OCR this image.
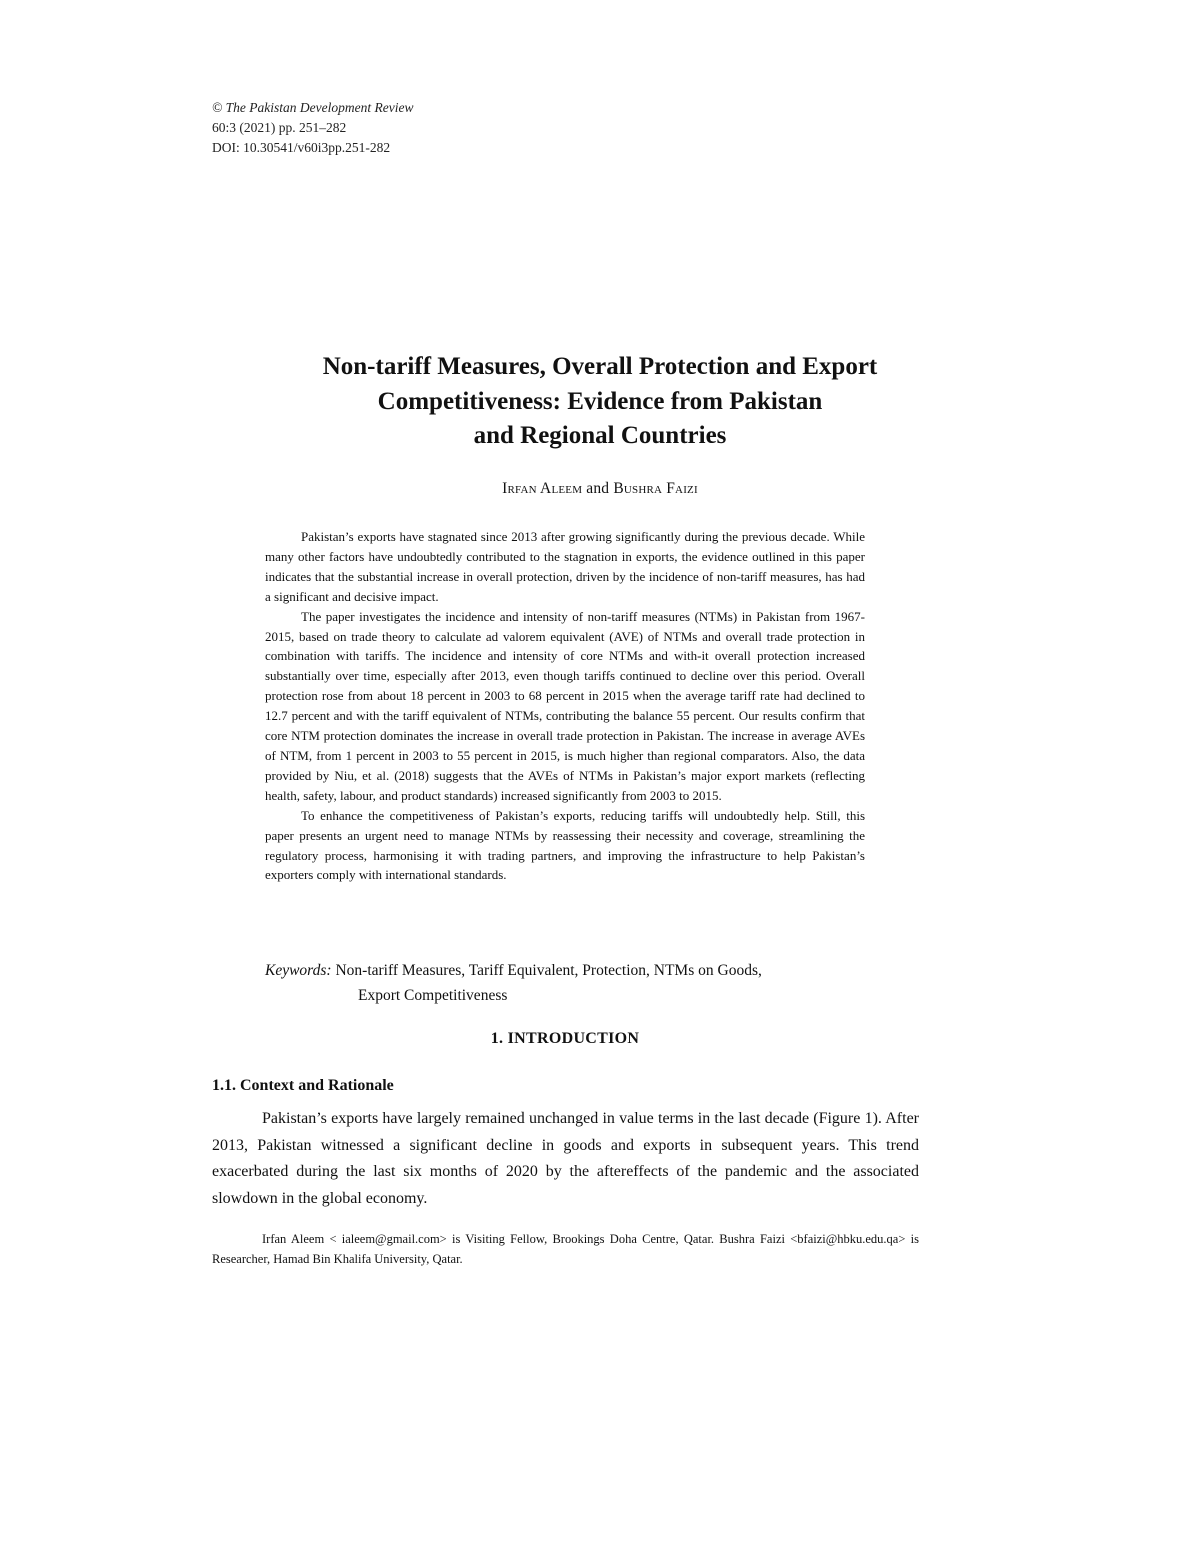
© The Pakistan Development Review
60:3 (2021) pp. 251–282
DOI: 10.30541/v60i3pp.251-282
Non-tariff Measures, Overall Protection and Export
Competitiveness: Evidence from Pakistan
and Regional Countries
Irfan Aleem and Bushra Faizi

Pakistan’s exports have stagnated since 2013 after growing significantly during the previous decade. While many other factors have undoubtedly contributed to the stagnation in exports, the evidence outlined in this paper indicates that the substantial increase in overall protection, driven by the incidence of non-tariff measures, has had a significant and decisive impact.

The paper investigates the incidence and intensity of non-tariff measures (NTMs) in Pakistan from 1967- 2015, based on trade theory to calculate ad valorem equivalent (AVE) of NTMs and overall trade protection in combination with tariffs. The incidence and intensity of core NTMs and with-it overall protection increased substantially over time, especially after 2013, even though tariffs continued to decline over this period. Overall protection rose from about 18 percent in 2003 to 68 percent in 2015 when the average tariff rate had declined to 12.7 percent and with the tariff equivalent of NTMs, contributing the balance 55 percent. Our results confirm that core NTM protection dominates the increase in overall trade protection in Pakistan. The increase in average AVEs of NTM, from 1 percent in 2003 to 55 percent in 2015, is much higher than regional comparators. Also, the data provided by Niu, et al. (2018) suggests that the AVEs of NTMs in Pakistan’s major export markets (reflecting health, safety, labour, and product standards) increased significantly from 2003 to 2015.

To enhance the competitiveness of Pakistan’s exports, reducing tariffs will undoubtedly help. Still, this paper presents an urgent need to manage NTMs by reassessing their necessity and coverage, streamlining the regulatory process, harmonising it with trading partners, and improving the infrastructure to help Pakistan’s exporters comply with international standards.

Keywords: Non-tariff Measures, Tariff Equivalent, Protection, NTMs on Goods,
Export Competitiveness
1. INTRODUCTION
1.1. Context and Rationale

Pakistan’s exports have largely remained unchanged in value terms in the last decade (Figure 1). After 2013, Pakistan witnessed a significant decline in goods and exports in subsequent years. This trend exacerbated during the last six months of 2020 by the aftereffects of the pandemic and the associated slowdown in the global economy.

Irfan Aleem < ialeem@gmail.com> is Visiting Fellow, Brookings Doha Centre, Qatar. Bushra Faizi <bfaizi@hbku.edu.qa> is Researcher, Hamad Bin Khalifa University, Qatar.
